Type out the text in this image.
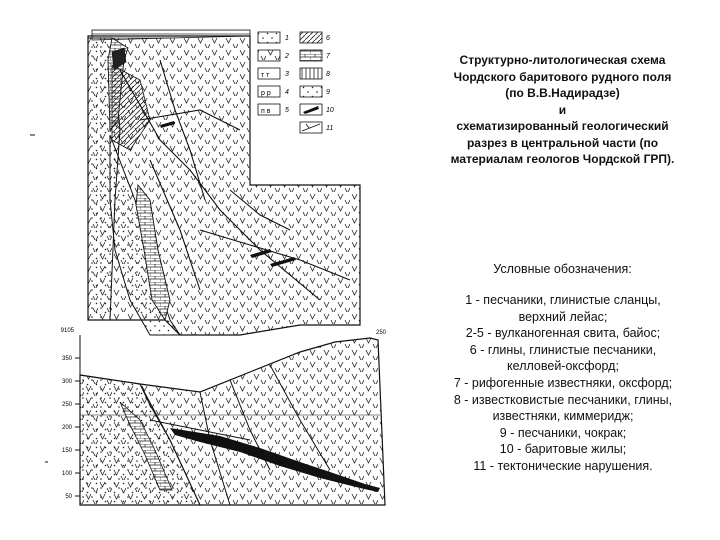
т т
р р
п в
1
2
3
4
5
6
7
8
9
10
11
9105
350
300
250
200
150
100
50
250
Структурно-литологическая схема
Чордского баритового рудного поля
(по В.В.Надирадзе)
и
схематизированный геологический
разрез в центральной части (по
материалам геологов Чордской ГРП).
Условные обозначения:
1 - песчаники, глинистые сланцы,
верхний лейас;
2-5 - вулканогенная свита, байос;
6 - глины, глинистые песчаники,
келловей-оксфорд;
7 - рифогенные известняки, оксфорд;
8 - известковистые песчаники, глины,
известняки, киммеридж;
9 - песчаники, чокрак;
10 - баритовые жилы;
11 - тектонические нарушения.
